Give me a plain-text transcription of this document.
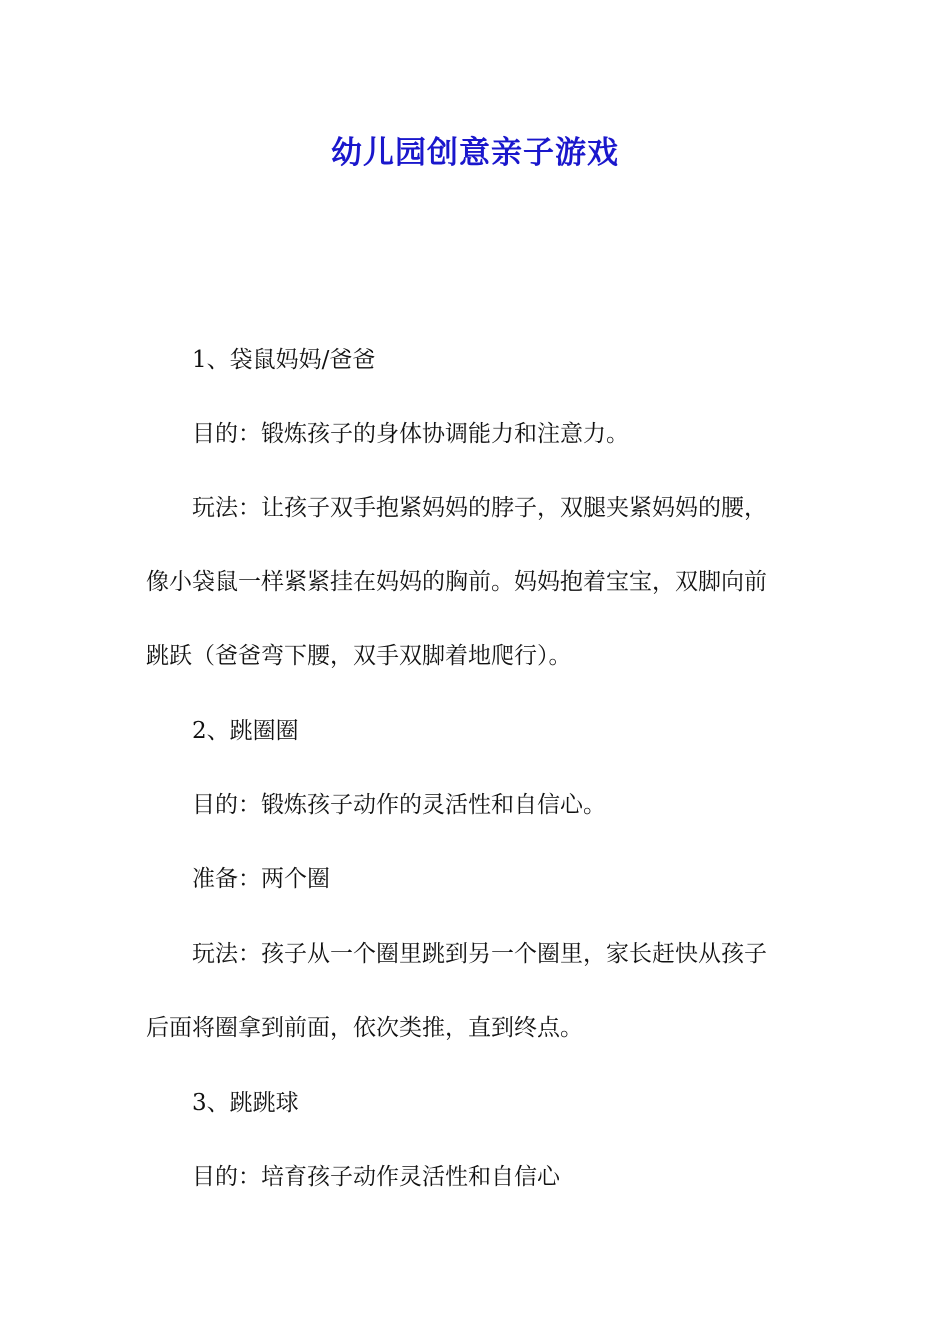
幼儿园创意亲子游戏

1、袋鼠妈妈/爸爸

目的：锻炼孩子的身体协调能力和注意力。

玩法：让孩子双手抱紧妈妈的脖子，双腿夹紧妈妈的腰，
像小袋鼠一样紧紧挂在妈妈的胸前。妈妈抱着宝宝，双脚向前
跳跃（爸爸弯下腰，双手双脚着地爬行）。

2、跳圈圈

目的：锻炼孩子动作的灵活性和自信心。

准备：两个圈

玩法：孩子从一个圈里跳到另一个圈里，家长赶快从孩子
后面将圈拿到前面，依次类推，直到终点。

3、跳跳球

目的：培育孩子动作灵活性和自信心
